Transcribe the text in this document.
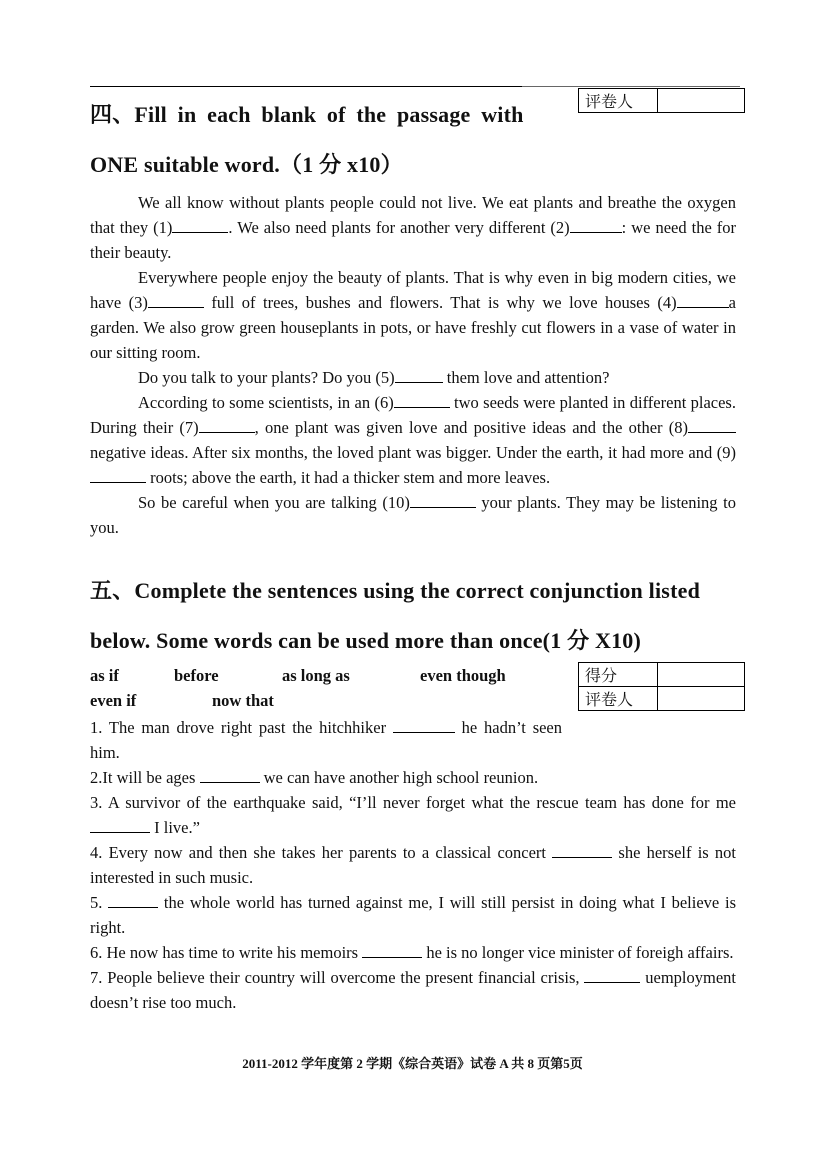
评卷人	
四、Fill in each blank of the passage with
ONE suitable word.（1 分 x10）

We all know without plants people could not live. We eat plants and breathe the oxygen that they (1)	. We also need plants for another very different (2)	: we need the for their beauty.

Everywhere people enjoy the beauty of plants. That is why even in big modern cities, we have (3)	full of trees, bushes and flowers. That is why we love houses (4)	a garden. We also grow green houseplants in pots, or have freshly cut flowers in a vase of water in our sitting room.

Do you talk to your plants? Do you (5)	them love and attention?

According to some scientists, in an (6)	two seeds were planted in different places. During their (7)	, one plant was given love and positive ideas and the other (8) negative ideas. After six months, the loved plant was bigger. Under the earth, it had more and (9) roots; above the earth, it had a thicker stem and more leaves.

So be careful when you are talking (10)	your plants. They may be listening to you.

五、Complete the sentences using the correct conjunction listed
below. Some words can be used more than once(1 分 X10)
as if	before	as long as	even though
even if	now that
得分	
评卷人	

1. The man drove right past the hitchhiker	he hadn’t seen him.

2.It will be ages	we can have another high school reunion.

3. A survivor of the earthquake said, “I’ll never forget what the rescue team has done for me  I live.”

4. Every now and then she takes her parents to a classical concert	she herself is not interested in such music.

5.	the whole world has turned against me, I will still persist in doing what I believe is right.

6. He now has time to write his memoirs	he is no longer vice minister of foreigh affairs.

7. People believe their country will overcome the present financial crisis,	uemployment doesn’t rise too much.

2011-2012 学年度第 2 学期《综合英语》试卷 A 共 8 页第5页
